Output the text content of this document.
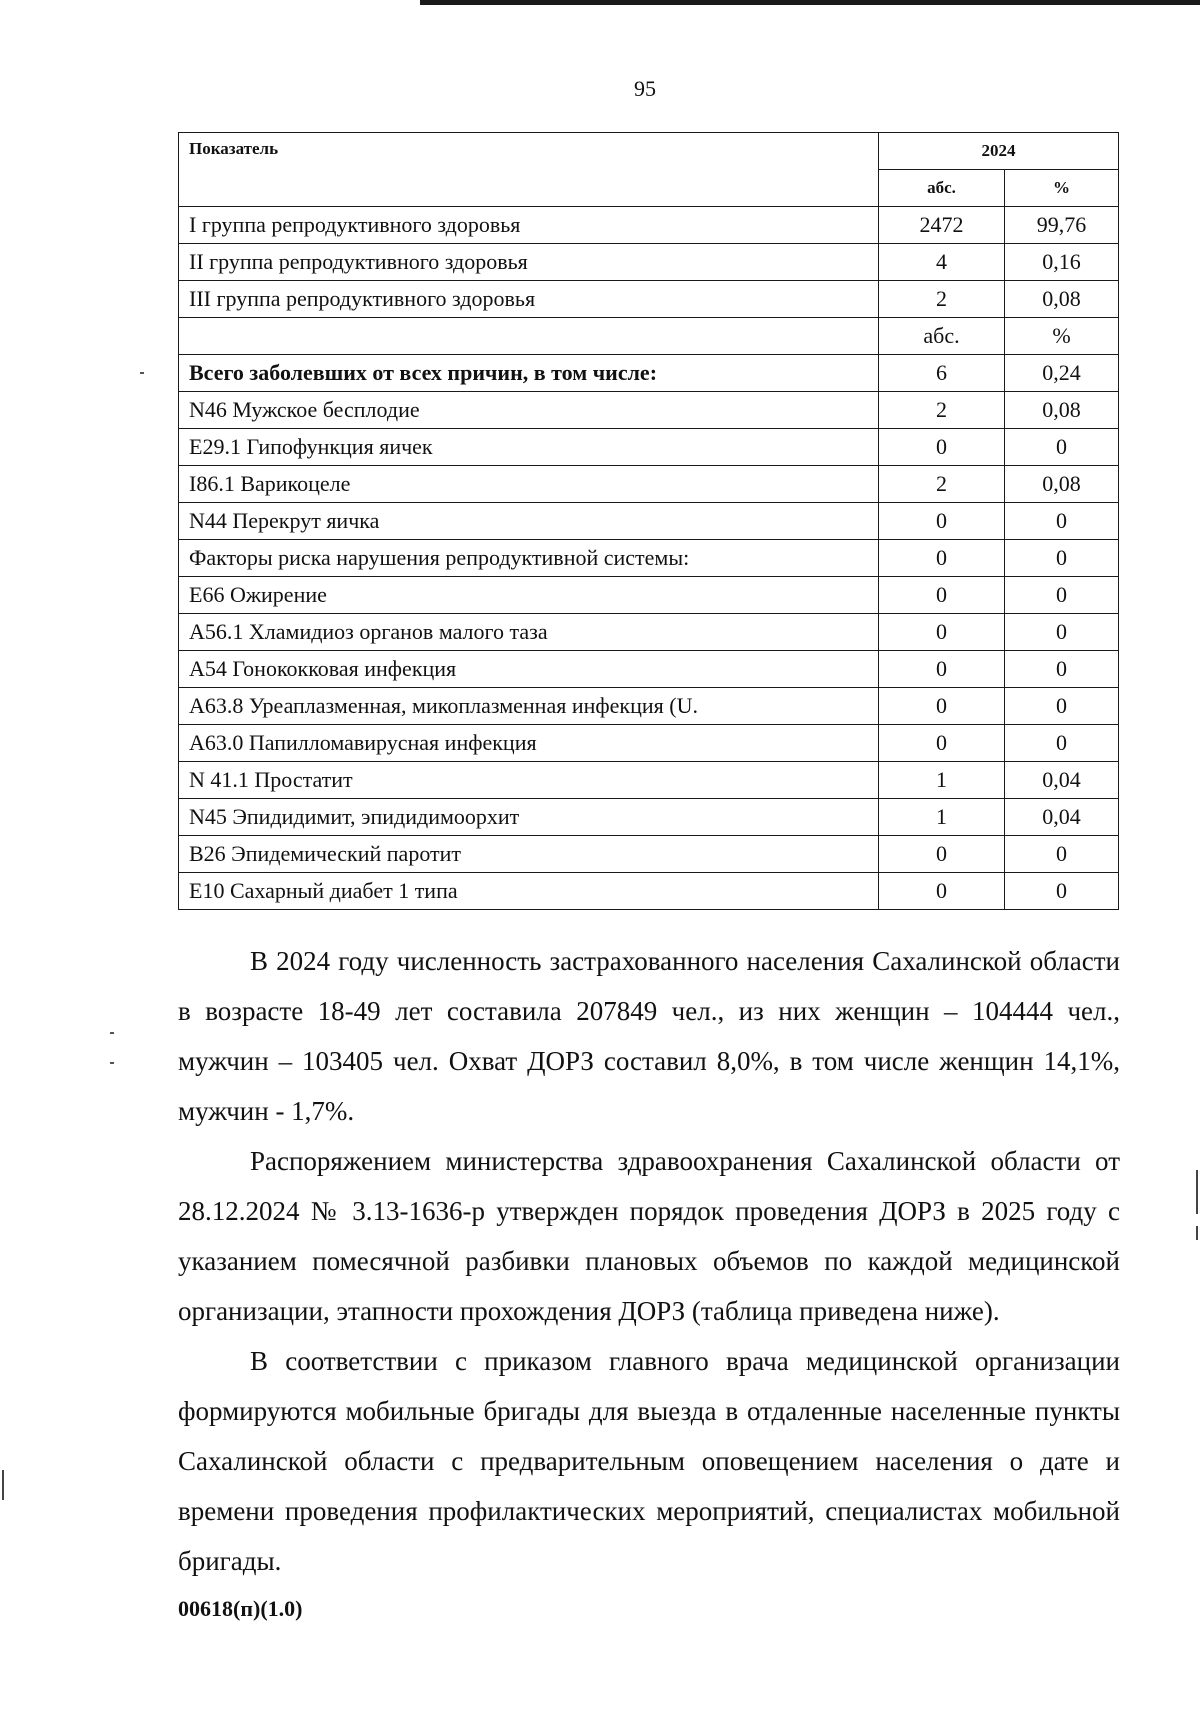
95
Показатель	2024	
	абс.	%
I группа репродуктивного здоровья	2472	99,76
II группа репродуктивного здоровья	4	0,16
III группа репродуктивного здоровья	2	0,08
	абс.	%
Всего заболевших от всех причин, в том числе:	6	0,24
N46 Мужское бесплодие	2	0,08
E29.1 Гипофункция яичек	0	0
I86.1 Варикоцеле	2	0,08
N44 Перекрут яичка	0	0
Факторы риска нарушения репродуктивной системы:	0	0
E66 Ожирение	0	0
A56.1 Хламидиоз органов малого таза	0	0
A54 Гонококковая инфекция	0	0
A63.8 Уреаплазменная, микоплазменная инфекция (U.	0	0
A63.0 Папилломавирусная инфекция	0	0
N 41.1 Простатит	1	0,04
N45 Эпидидимит, эпидидимоорхит	1	0,04
B26 Эпидемический паротит	0	0
E10 Сахарный диабет 1 типа	0	0

В 2024 году численность застрахованного населения Сахалинской области в возрасте 18-49 лет составила 207849 чел., из них женщин – 104444 чел., мужчин – 103405 чел. Охват ДОРЗ составил 8,0%, в том числе женщин 14,1%, мужчин - 1,7%.

Распоряжением министерства здравоохранения Сахалинской области от 28.12.2024 № 3.13-1636-р утвержден порядок проведения ДОРЗ в 2025 году с указанием помесячной разбивки плановых объемов по каждой медицинской организации, этапности прохождения ДОРЗ (таблица приведена ниже).

В соответствии с приказом главного врача медицинской организации формируются мобильные бригады для выезда в отдаленные населенные пункты Сахалинской области с предварительным оповещением населения о дате и времени проведения профилактических мероприятий, специалистах мобильной бригады.

00618(п)(1.0)
